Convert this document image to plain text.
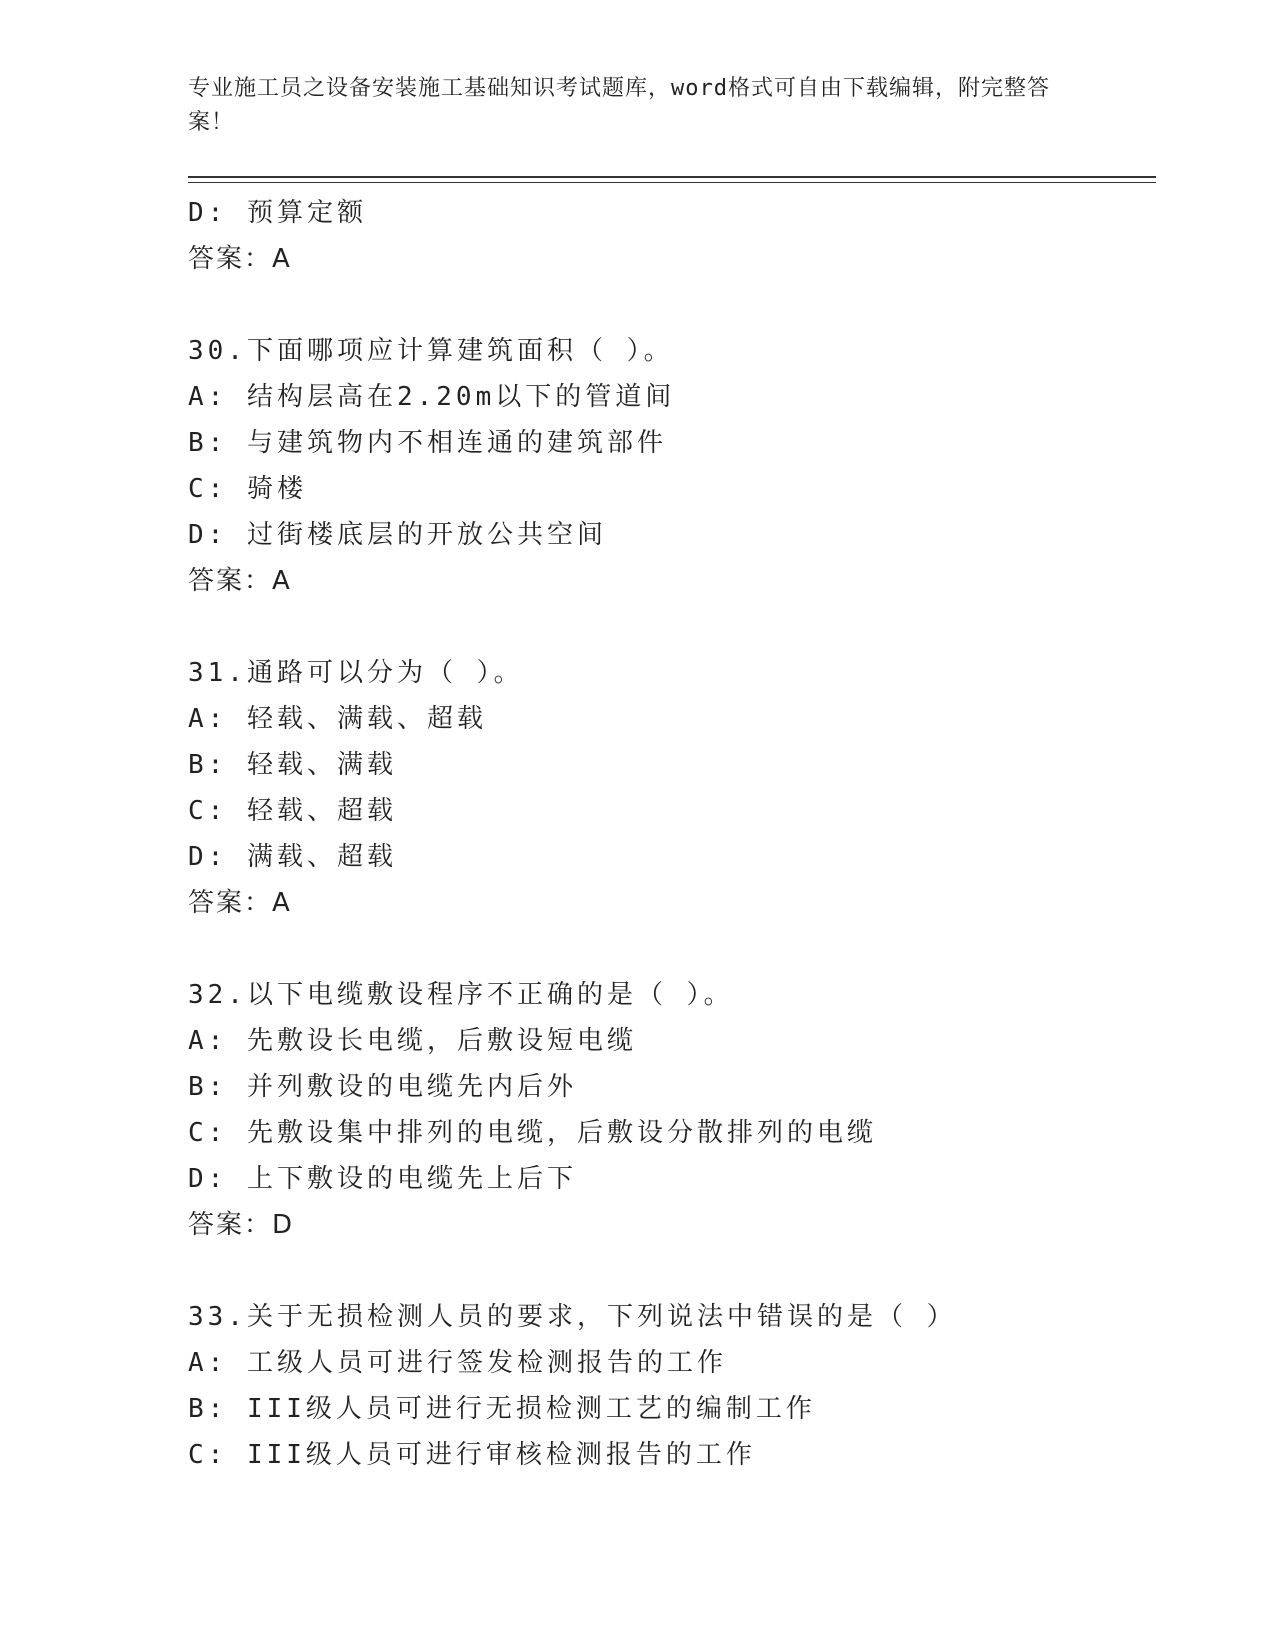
专业施工员之设备安装施工基础知识考试题库，word格式可自由下载编辑，附完整答案！
D: 预算定额
答案：A
30.下面哪项应计算建筑面积（ ）。
A: 结构层高在2.20m以下的管道间
B: 与建筑物内不相连通的建筑部件
C: 骑楼
D: 过街楼底层的开放公共空间
答案：A
31.通路可以分为（ ）。
A: 轻载、满载、超载
B: 轻载、满载
C: 轻载、超载
D: 满载、超载
答案：A
32.以下电缆敷设程序不正确的是（ ）。
A: 先敷设长电缆，后敷设短电缆
B: 并列敷设的电缆先内后外
C: 先敷设集中排列的电缆，后敷设分散排列的电缆
D: 上下敷设的电缆先上后下
答案：D
33.关于无损检测人员的要求，下列说法中错误的是（ ）
A: 工级人员可进行签发检测报告的工作
B: III级人员可进行无损检测工艺的编制工作
C: III级人员可进行审核检测报告的工作
